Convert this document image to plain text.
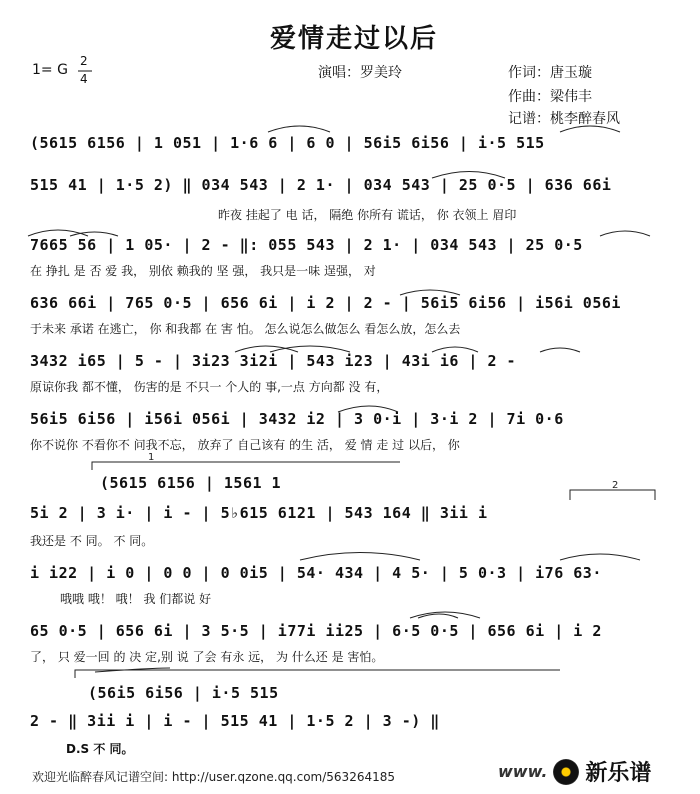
1
2
爱情走过以后
1= G
2
4	演唱：罗美玲	作词：唐玉璇
作曲：梁伟丰
记谱：桃李醉春风
(5615 6156 | 1 051 | 1·6 6 | 6 0 | 56i5 6i56 | i·5 515
515 41 | 1·5 2) ‖ 034 543 | 2 1· | 034 543 | 25 0·5 | 636 66i
昨夜 挂起了 电 话， 隔绝 你所有 谎话， 你 衣领上 眉印
7665 56 | 1 05· | 2 - ‖: 055 543 | 2 1· | 034 543 | 25 0·5
在 挣扎 是 否 爱 我， 别依 赖我的 坚 强， 我只是一味 逞强， 对
636 66i | 765 0·5 | 656 6i | i 2 | 2 - | 56i5 6i56 | i56i 056i
于未来 承诺 在逃亡， 你 和我都 在 害 怕。 怎么说怎么做怎么 看怎么放，怎么去
3432 i65 | 5 - | 3i23 3i2i | 543 i23 | 43i i6 | 2 -
原谅你我 都不懂， 伤害的是 不只一 个人的 事,一点 方向都 没 有，
56i5 6i56 | i56i 056i | 3432 i2 | 3 0·i | 3·i 2 | 7i 0·6
你不说你 不看你不 问我不忘， 放弃了 自己该有 的生 活， 爱 情 走 过 以后， 你
(5615 6156 | 1561 1
5i 2 | 3 i· | i - | 5♭615 6121 | 543 164 ‖ 3ii i
我还是 不 同。 不 同。
i i22 | i 0 | 0 0 | 0 0i5 | 54· 434 | 4 5· | 5 0·3 | i76 63·
哦哦 哦！ 哦！ 我 们都说 好
65 0·5 | 656 6i | 3 5·5 | i77i ii25 | 6·5 0·5 | 656 6i | i 2
了， 只 爱一回 的 决 定,别 说 了会 有永 远， 为 什么还 是 害怕。
(56i5 6i56 | i·5 515
2 - ‖ 3ii i | i - | 515 41 | 1·5 2 | 3 -) ‖
D.S 不 同。
欢迎光临醉春风记谱空间: http://user.qzone.qq.com/563264185	www. 新乐谱
